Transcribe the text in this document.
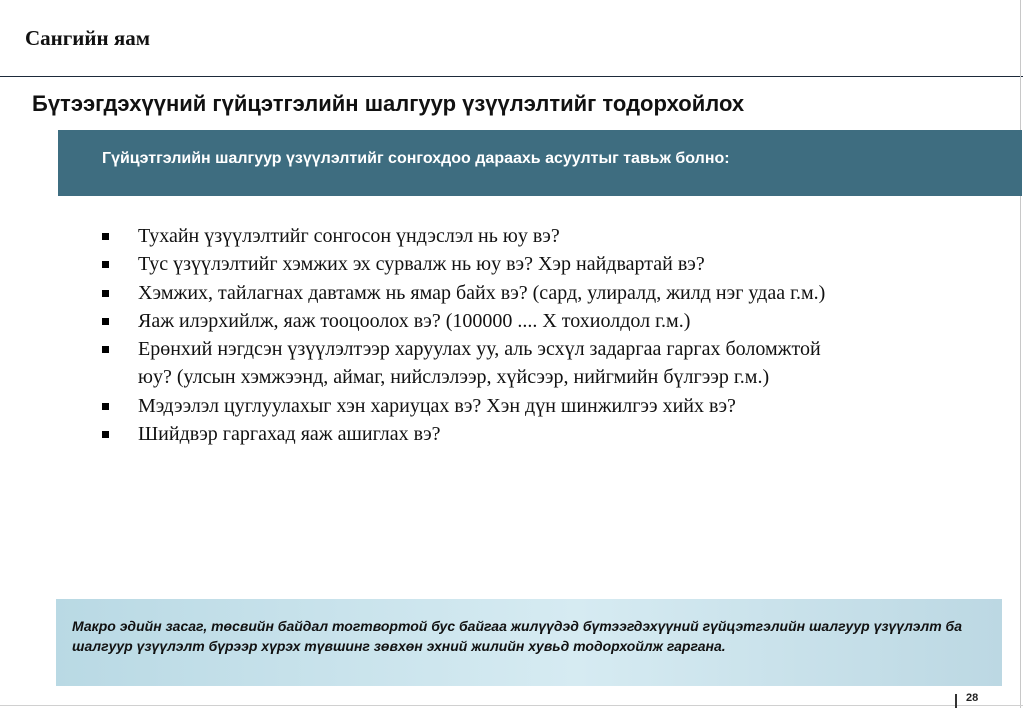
Сангийн яам
Бүтээгдэхүүний гүйцэтгэлийн шалгуур үзүүлэлтийг тодорхойлох
Гүйцэтгэлийн шалгуур үзүүлэлтийг сонгохдоо дараахь асуултыг тавьж болно:
Тухайн үзүүлэлтийг сонгосон үндэслэл нь юу вэ?
Тус үзүүлэлтийг хэмжих эх сурвалж нь юу вэ? Хэр найдвартай вэ?
Хэмжих, тайлагнах давтамж нь ямар байх вэ? (сард, улиралд, жилд нэг удаа г.м.)
Яаж илэрхийлж, яаж тооцоолох вэ? (100000 .... Х тохиолдол г.м.)
Ерөнхий нэгдсэн үзүүлэлтээр харуулах уу, аль эсхүл задаргаа гаргах боломжтой юу? (улсын хэмжээнд, аймаг, нийслэлээр, хүйсээр, нийгмийн бүлгээр г.м.)
Мэдээлэл цуглуулахыг хэн хариуцах вэ? Хэн дүн шинжилгээ хийх вэ?
Шийдвэр гаргахад яаж ашиглах вэ?
Макро эдийн засаг, төсвийн байдал тогтвортой бус байгаа жилүүдэд бүтээгдэхүүний гүйцэтгэлийн шалгуур үзүүлэлт ба шалгуур үзүүлэлт бүрээр хүрэх түвшинг зөвхөн эхний жилийн хувьд тодорхойлж гаргана.
28
